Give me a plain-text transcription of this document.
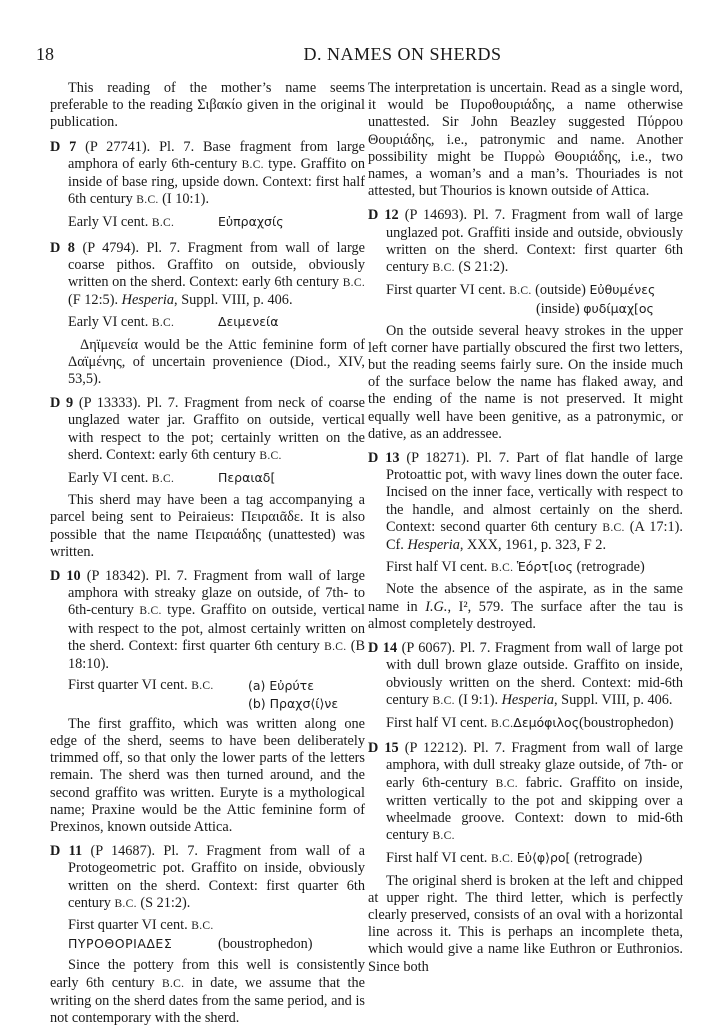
18	D. NAMES ON SHERDS

This reading of the mother’s name seems preferable to the reading Σιβακίο given in the original publication.

D 7 (P 27741). Pl. 7. Base fragment from large amphora of early 6th-century B.C. type. Graffito on inside of base ring, upside down. Context: first half 6th century B.C. (I 10:1).

Early VI cent. B.C.	Εὐπραχσίς

D 8 (P 4794). Pl. 7. Fragment from wall of large coarse pithos. Graffito on outside, obviously written on the sherd. Context: early 6th century B.C. (F 12:5). Hesperia, Suppl. VIII, p. 406.

Early VI cent. B.C.	Δειμενεία

Δηϊμενεία would be the Attic feminine form of Δαϊμένης, of uncertain provenience (Diod., XIV, 53,5).

D 9 (P 13333). Pl. 7. Fragment from neck of coarse unglazed water jar. Graffito on outside, vertical with respect to the pot; certainly written on the sherd. Context: early 6th century B.C.

Early VI cent. B.C.	Περαιαδ[

This sherd may have been a tag accompanying a parcel being sent to Peiraieus: Πειραιᾶδε. It is also possible that the name Πειραιάδης (unattested) was written.

D 10 (P 18342). Pl. 7. Fragment from wall of large amphora with streaky glaze on outside, of 7th- to 6th-century B.C. type. Graffito on outside, vertical with respect to the pot, almost certainly written on the sherd. Context: first quarter 6th century B.C. (B 18:10).

First quarter VI cent. B.C.	(a) Εὐρύτε
(b) Πραχσ⟨ί⟩νε

The first graffito, which was written along one edge of the sherd, seems to have been deliberately trimmed off, so that only the lower parts of the letters remain. The sherd was then turned around, and the second graffito was written. Euryte is a mythological name; Praxine would be the Attic feminine form of Prexinos, known outside Attica.

D 11 (P 14687). Pl. 7. Fragment from wall of a Protogeometric pot. Graffito on inside, obviously written on the sherd. Context: first quarter 6th century B.C. (S 21:2).

First quarter VI cent. B.C.

ΠΥΡΟΘΟΡΙΑΔΕΣ	(boustrophedon)

Since the pottery from this well is consistently early 6th century B.C. in date, we assume that the writing on the sherd dates from the same period, and is not contemporary with the sherd.

The interpretation is uncertain. Read as a single word, it would be Πυροθουριάδης, a name otherwise unattested. Sir John Beazley suggested Πύρρου Θουριάδης, i.e., patronymic and name. Another possibility might be Πυρρὼ Θουριάδης, i.e., two names, a woman’s and a man’s. Thouriades is not attested, but Thourios is known outside of Attica.

D 12 (P 14693). Pl. 7. Fragment from wall of large unglazed pot. Graffiti inside and outside, obviously written on the sherd. Context: first quarter 6th century B.C. (S 21:2).

First quarter VI cent. B.C. (outside) Εὐθυμένες

(inside) φυδίμαχ[ος

On the outside several heavy strokes in the upper left corner have partially obscured the first two letters, but the reading seems fairly sure. On the inside much of the surface below the name has flaked away, and the ending of the name is not preserved. It might equally well have been genitive, as a patronymic, or dative, as an addressee.

D 13 (P 18271). Pl. 7. Part of flat handle of large Protoattic pot, with wavy lines down the outer face. Incised on the inner face, vertically with respect to the handle, and almost certainly on the sherd. Context: second quarter 6th century B.C. (A 17:1). Cf. Hesperia, XXX, 1961, p. 323, F 2.

First half VI cent. B.C. Ἑόρτ[ιος (retrograde)

Note the absence of the aspirate, as in the same name in I.G., I², 579. The surface after the tau is almost completely destroyed.

D 14 (P 6067). Pl. 7. Fragment from wall of large pot with dull brown glaze outside. Graffito on inside, obviously written on the sherd. Context: mid-6th century B.C. (I 9:1). Hesperia, Suppl. VIII, p. 406.

First half VI cent. B.C.Δεμόφιλος(boustrophedon)

D 15 (P 12212). Pl. 7. Fragment from wall of large amphora, with dull streaky glaze outside, of 7th- or early 6th-century B.C. fabric. Graffito on inside, written vertically to the pot and skipping over a wheelmade groove. Context: down to mid-6th century B.C.

First half VI cent. B.C. Εὐ⟨φ⟩ρο[ (retrograde)

The original sherd is broken at the left and chipped at upper right. The third letter, which is perfectly clearly preserved, consists of an oval with a horizontal line across it. This is perhaps an incomplete theta, which would give a name like Euthron or Euthronios. Since both
